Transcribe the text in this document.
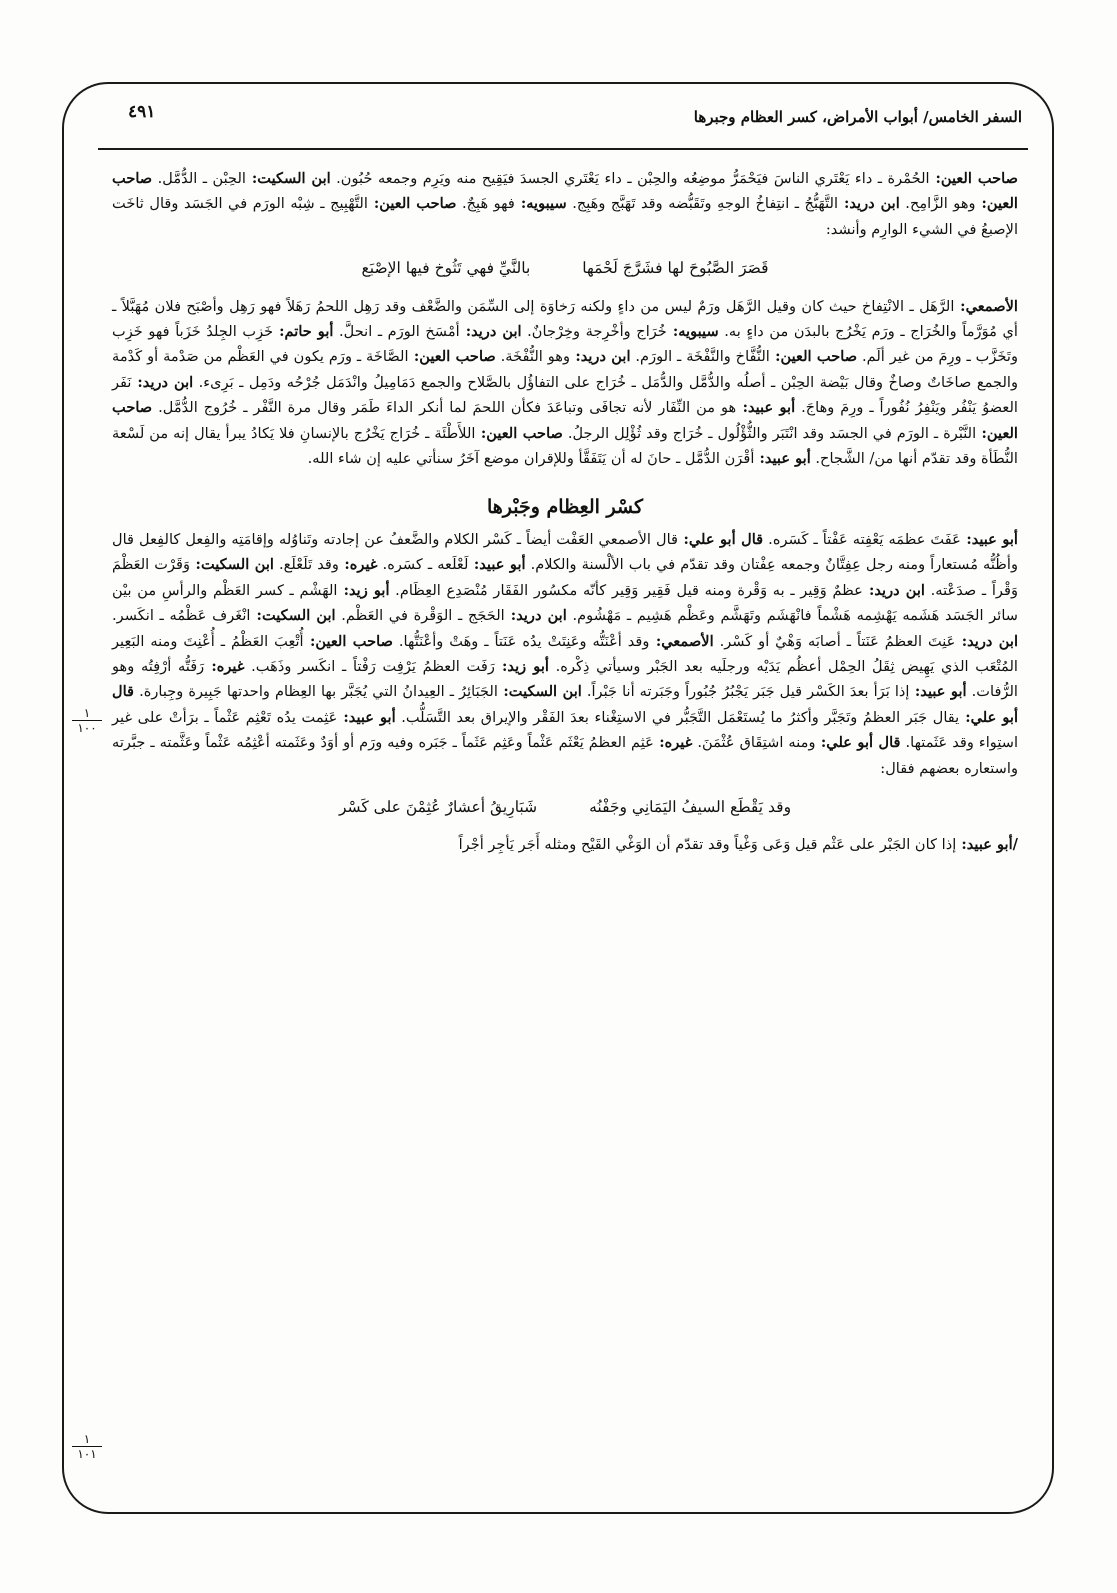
السفر الخامس/ أبواب الأمراض، كسر العظام وجبرها
٤٩١

صاحب العين: الحُمْرة ـ داء يَعْتَري الناسَ فيَحْمَرُّ موضِعُه والحِبْن ـ داء يَعْتَري الجسدَ فيَقِيح منه ويَرِم وجمعه حُبُون. ابن السكيت: الحِبْن ـ الدُّمَّل. صاحب العين: وهو الزَّامِح. ابن دريد: التَّهَبُّجُ ـ انتِفاخُ الوجهِ وتَقَبُّضه وقد تَهَبَّج وهَبِج. سيبويه: فهو هَبِجٌ. صاحب العين: التَّهْبِيج ـ شِبْه الورَم في الجَسَد وقال ثاخَت الإصبعُ في الشيء الوارِم وأنشد:

قَصَرَ الصَّبُوحَ لها فشَرَّجَ لَحْمَها
بالنَّيِّ فهي تَثُوخ فيها الإصْبَع

الأصمعي: الرَّهَل ـ الانْتِفاخ حيث كان وقيل الرَّهَل ورَمٌ ليس من داءٍ ولكنه رَخاوَة إلى السِّمَن والضَّعْف وقد رَهِل اللحمُ رَهَلاً فهو رَهِل وأصْبَح فلان مُهَبَّلاً ـ أي مُوَرَّماً والخُرَاج ـ ورَم يَخْرُج بالبدَن من داءٍ به. سيبويه: خُرَاج وأخْرِجة وخِرْجانٌ. ابن دريد: أمْسَخ الورَم ـ انحلَّ. أبو حاتم: خَزِب الجِلدُ خَزَباً فهو خَزِب وتَخَزَّب ـ ورِمَ من غير ألَم. صاحب العين: النُّفَّاخ والنَّفْخَة ـ الورَم. ابن دريد: وهو النُّفْخَة. صاحب العين: الصَّاخَة ـ ورَم يكون في العَظْم من صَدْمة أو كَدْمة والجمع صاخَاتٌ وصاخٌ وقال بَيْضة الحِبْن ـ أصلُه والدُّمَّل والدُّمَل ـ خُرَاج على التفاؤُل بالصَّلاح والجمع دَمَامِيلُ وانْدَمَل جُرْحُه ودَمِل ـ بَرِىء. ابن دريد: نَفَر العضوُ يَنْفُر ويَنْفِرُ نُفُوراً ـ ورِمَ وهاجَ. أبو عبيد: هو من النِّفَار لأنه تجافَى وتباعَدَ فكأن اللحمَ لما أنكر الداءَ طَمَر وقال مرة النَّفْر ـ خُرُوج الدُّمَّل. صاحب العين: النَّبْرة ـ الورَم في الجسَد وقد انْتَبَر والثُّؤْلُول ـ خُرَاج وقد ثُؤْلِل الرجلُ. صاحب العين: اللأَطْئَة ـ خُرَاج يَخْرُج بالإنسانِ فلا يَكادُ يبرأ يقال إنه من لَسْعة النُّطَأة وقد تقدّم أنها من/ الشَّجاح. أبو عبيد: أقْرَن الدُّمَّل ـ حانَ له أن يَتَفَقَّأ وللإقران موضع آخَرُ سنأتي عليه إن شاء الله.

كسْر العِظام وجَبْرها

أبو عبيد: عَفَتَ عظمَه يَعْفِته عَفْتاً ـ كَسَره. قال أبو علي: قال الأصمعي العَفْت أيضاً ـ كَسْر الكلام والضَّعفُ عن إجادته وتَناوُله وإقامَتِه والفِعل كالفِعل قال وأظُنُّه مُستعاراً ومنه رجل عِفِتَّانٌ وجمعه عِفْتان وقد تقدّم في باب الألْسنة والكلام. أبو عبيد: لَعْلَعه ـ كسَره. غيره: وقد تَلَعْلَع. ابن السكيت: وَقَرْت العَظْمَ وَقْراً ـ صدَعْته. ابن دريد: عظمٌ وَقِير ـ به وَقْرة ومنه قيل فَقِير وَقِير كأنّه مكسُور الفَقَار مُنْصَدِع العِظَام. أبو زيد: الهَشْم ـ كسر العَظْم والرأسِ من بيْن سائر الجَسَد هَشَمه يَهْشِمه هَشْماً فانْهَشَم وتَهَشَّم وعَظْم هَشِيم ـ مَهْشُوم. ابن دريد: الحَجَج ـ الوَقْرة في العَظْم. ابن السكيت: انْغَرف عَظْمُه ـ انكَسر. ابن دريد: عَنِتَ العظمُ عَنَتاً ـ أصابَه وَهْيٌ أو كَسْر. الأصمعي: وقد أعْنَتُّه وعَنِتَتْ يدُه عَنَتاً ـ وهَتْ وأعْنَتُّها. صاحب العين: أُتْعِبَ العَظْمُ ـ أُعْنِتَ ومنه البَعِير المُتْعَب الذي يَهِيض ثِقَلُ الحِمْل أعظُم يَدَيْه ورجلَيه بعد الجَبْر وسيأتي ذِكْره. أبو زيد: رَفَت العظمُ يَرْفِت رَفْتاً ـ انكَسر وذَهَب. غيره: رَفَتُّه أرْفِتُه وهو الرُّفات. أبو عبيد: إذا بَرَأ بعدَ الكَسْر قيل جَبَر يَجْبُرُ جُبُوراً وجَبَرته أنا جَبْراً. ابن السكيت: الجَبَائِرُ ـ العِيدانُ التي يُجَبَّر بها العِظام واحدتها جَبِيرة وجِبارة. قال أبو علي: يقال جَبَر العظمُ وتَجَبَّر وأكثرُ ما يُستَعْمَل التَّجَبُّر في الاستِغْناء بعدَ الفَقْر والإيراق بعد التَّسَلُّب. أبو عبيد: عَثِمت يدُه تَعْثِم عَثْماً ـ برَأتْ على غير استِواء وقد عَثَمتها. قال أبو علي: ومنه اشتِقَاق عُثْمَنَ. غيره: عَثِم العظمُ يَعْثَم عَثْماً وعَثِم عَثَماً ـ جَبَره وفيه ورَم أو أوَدٌ وعَثَمته أعْثِمُه عَثْماً وعَثَّمته ـ جبَّرته واستعاره بعضهم فقال:

وقد يَقْطَع السيفُ اليَمَانِي وجَفْنُه
شَبَارِيقُ أعشارٌ عُثِمْنَ على كَسْر

/أبو عبيد: إذا كان الجَبْر على عَثْم قيل وَعَى وَغْياً وقد تقدّم أن الوَغْي القَيْح ومثله أَجَر يَأجِر أجْراً

١
١٠٠
١
١٠١
